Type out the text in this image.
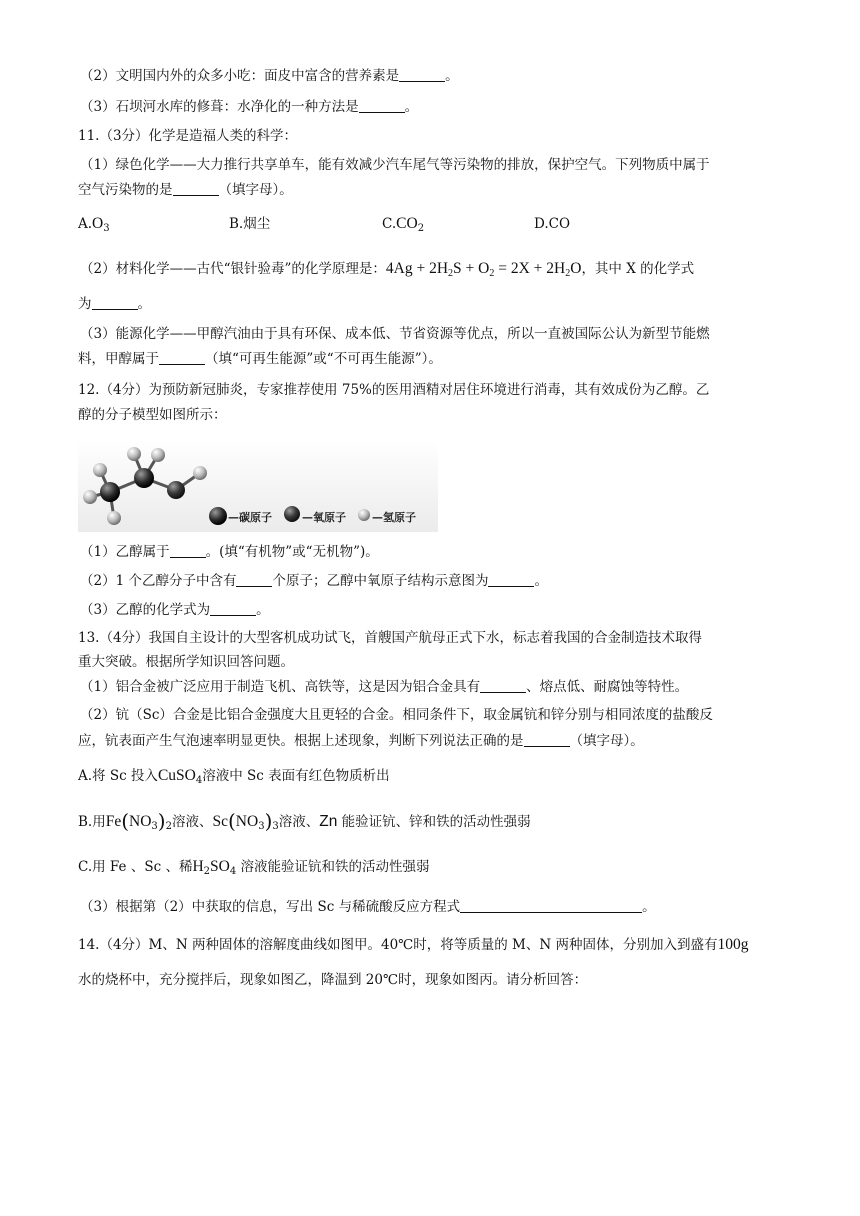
（2）文明国内外的众多小吃：面皮中富含的营养素是	。
（3）石坝河水库的修葺：水净化的一种方法是	。
11.（3分）化学是造福人类的科学：
（1）绿色化学——大力推行共享单车，能有效减少汽车尾气等污染物的排放，保护空气。下列物质中属于
空气污染物的是	（填字母）。
$A.O_3$	B.烟尘	$C.CO_2$	D.CO
（2）材料化学——古代“银针验毒”的化学原理是：$4Ag + 2H_2S + O_2 = 2X + 2H_2O$，其中 X 的化学式
为	。
（3）能源化学——甲醇汽油由于具有环保、成本低、节省资源等优点，所以一直被国际公认为新型节能燃
料，甲醇属于	（填“可再生能源”或“不可再生能源”）。
12.（4分）为预防新冠肺炎，专家推荐使用 75%的医用酒精对居住环境进行消毒，其有效成份为乙醇。乙
醇的分子模型如图所示：
—碳原子	—氧原子 —氢原子
（1）乙醇属于	。(填“有机物”或“无机物”)。
（2）1 个乙醇分子中含有	个原子；乙醇中氧原子结构示意图为	。
（3）乙醇的化学式为	。
13.（4分）我国自主设计的大型客机成功试飞，首艘国产航母正式下水，标志着我国的合金制造技术取得
重大突破。根据所学知识回答问题。
（1）铝合金被广泛应用于制造飞机、高铁等，这是因为铝合金具有	、熔点低、耐腐蚀等特性。
（2）钪（Sc）合金是比铝合金强度大且更轻的合金。相同条件下，取金属钪和锌分别与相同浓度的盐酸反
应，钪表面产生气泡速率明显更快。根据上述现象，判断下列说法正确的是	（填字母）。
A.将 Sc 投入CuSO$_4$溶液中 Sc 表面有红色物质析出
B.用$Fe(NO_3)_2$溶液、$Sc(NO_3)_3$溶液、Zn 能验证钪、锌和铁的活动性强弱
C.用 Fe 、Sc 、稀$H_2SO_4$ 溶液能验证钪和铁的活动性强弱
（3）根据第（2）中获取的信息，写出 Sc 与稀硫酸反应方程式	。
14.（4分）M、N 两种固体的溶解度曲线如图甲。40℃时，将等质量的 M、N 两种固体，分别加入到盛有100g
水的烧杯中，充分搅拌后，现象如图乙，降温到 20℃时，现象如图丙。请分析回答：
